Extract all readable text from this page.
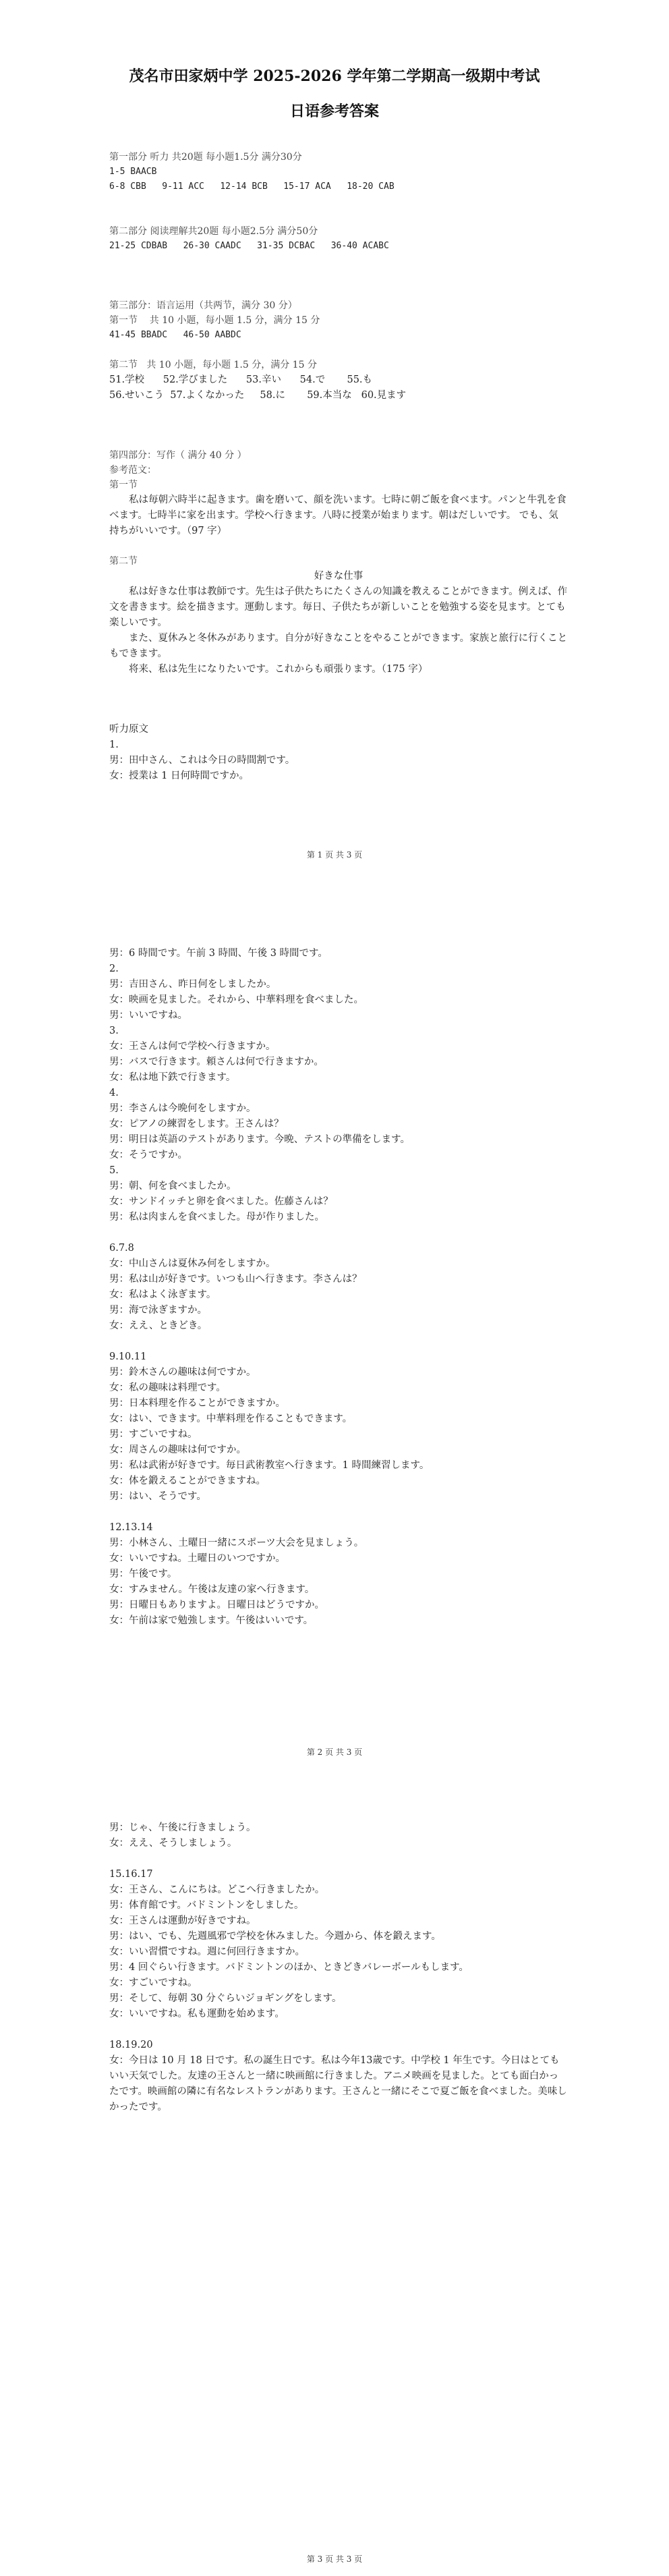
茂名市田家炳中学 2025-2026 学年第二学期高一级期中考试
日语参考答案
第一部分 听力 共20题 每小题1.5分 满分30分
1-5 BAACB
6-8 CBB   9-11 ACC   12-14 BCB   15-17 ACA   18-20 CAB
第二部分 阅读理解共20题 每小题2.5分 满分50分
21-25 CDBAB   26-30 CAADC   31-35 DCBAC   36-40 ACABC
第三部分：语言运用（共两节，满分 30 分）
第一节    共 10 小题，每小题 1.5 分，满分 15 分
41-45 BBADC   46-50 AABDC
第二节   共 10 小题，每小题 1.5 分，满分 15 分
51.学校      52.学びました      53.辛い      54.で       55.も
56.せいこう  57.よくなかった     58.に       59.本当な   60.見ます
第四部分：写作（ 满分 40 分 ）
参考范文：
第一节
私は毎朝六時半に起きます。歯を磨いて、顔を洗います。七時に朝ご飯を食べます。パンと牛乳を食べます。七時半に家を出ます。学校へ行きます。八時に授業が始まります。朝はだしいです。 でも、気持ちがいいです。（97 字）
第二节
好きな仕事
私は好きな仕事は教師です。先生は子供たちにたくさんの知識を教えることができます。例えば、作文を書きます。絵を描きます。運動します。毎日、子供たちが新しいことを勉強する姿を見ます。とても楽しいです。
また、夏休みと冬休みがあります。自分が好きなことをやることができます。家族と旅行に行くこともできます。
将来、私は先生になりたいです。これからも頑張ります。（175 字）
听力原文
1.
男：田中さん、これは今日の時間割です。
女：授業は 1 日何時間ですか。
第 1 页 共 3 页
男：6 時間です。午前 3 時間、午後 3 時間です。
2.
男：吉田さん、昨日何をしましたか。
女：映画を見ました。それから、中華料理を食べました。
男：いいですね。
3.
女：王さんは何で学校へ行きますか。
男：バスで行きます。頼さんは何で行きますか。
女：私は地下鉄で行きます。
4.
男：李さんは今晩何をしますか。
女：ピアノの練習をします。王さんは？
男：明日は英語のテストがあります。今晩、テストの準備をします。
女：そうですか。
5.
男：朝、何を食べましたか。
女：サンドイッチと卵を食べました。佐藤さんは？
男：私は肉まんを食べました。母が作りました。
6.7.8
女：中山さんは夏休み何をしますか。
男：私は山が好きです。いつも山へ行きます。李さんは？
女：私はよく泳ぎます。
男：海で泳ぎますか。
女：ええ、ときどき。
9.10.11
男：鈴木さんの趣味は何ですか。
女：私の趣味は料理です。
男：日本料理を作ることができますか。
女：はい、できます。中華料理を作ることもできます。
男：すごいですね。
女：周さんの趣味は何ですか。
男：私は武術が好きです。毎日武術教室へ行きます。1 時間練習します。
女：体を鍛えることができますね。
男：はい、そうです。
12.13.14
男：小林さん、土曜日一緒にスポーツ大会を見ましょう。
女：いいですね。土曜日のいつですか。
男：午後です。
女：すみません。午後は友達の家へ行きます。
男：日曜日もありますよ。日曜日はどうですか。
女：午前は家で勉強します。午後はいいです。
第 2 页 共 3 页
男：じゃ、午後に行きましょう。
女：ええ、そうしましょう。
15.16.17
女：王さん、こんにちは。どこへ行きましたか。
男：体育館です。バドミントンをしました。
女：王さんは運動が好きですね。
男：はい、でも、先週風邪で学校を休みました。今週から、体を鍛えます。
女：いい習慣ですね。週に何回行きますか。
男：4 回ぐらい行きます。バドミントンのほか、ときどきバレーボールもします。
女：すごいですね。
男：そして、毎朝 30 分ぐらいジョギングをします。
女：いいですね。私も運動を始めます。
18.19.20
女：今日は 10 月 18 日です。私の誕生日です。私は今年13歳です。中学校 1 年生です。今日はとてもいい天気でした。友達の王さんと一緒に映画館に行きました。アニメ映画を見ました。とても面白かったです。映画館の隣に有名なレストランがあります。王さんと一緒にそこで夏ご飯を食べました。美味しかったです。
第 3 页 共 3 页
